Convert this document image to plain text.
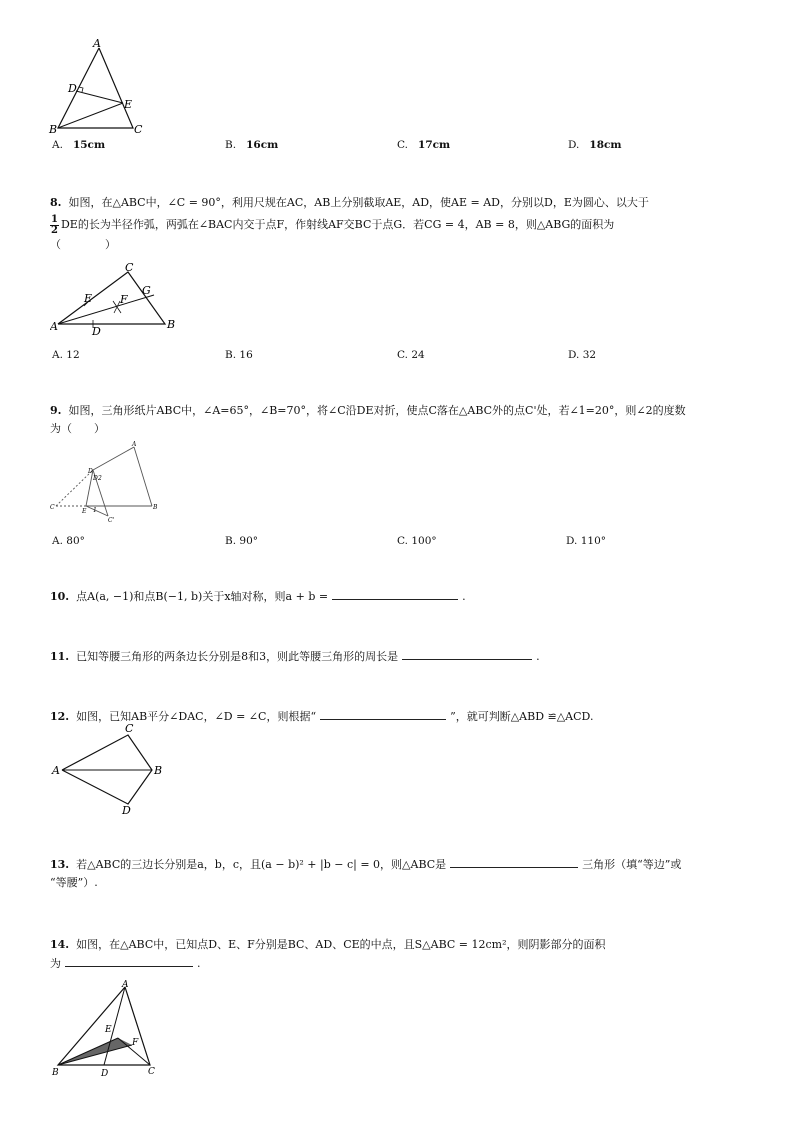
A
B	C
D
E
A. 15cm	B. 16cm	C. 17cm	D. 18cm
8. 如图，在△ABC中，∠C = 90°，利用尺规在AC，AB上分别截取AE，AD，使AE = AD，分别以D，E为圆心、以大于
$\frac{1}{2}$ DE的长为半径作弧，两弧在∠BAC内交于点F，作射线AF交BC于点G．若CG = 4，AB = 8，则△ABG的面积为
（　　　　）
C
A	B
E
D
F
G
A. 12	B. 16	C. 24	D. 32
9. 如图，三角形纸片ABC中，∠A=65°，∠B=70°，将∠C沿DE对折，使点C落在△ABC外的点C'处，若∠1=20°，则∠2的度数
为（　　）
A
B
C
C'
D
E 1
2
D
A. 80°	B. 90°	C. 100°	D. 110°
10. 点A(a, −1)和点B(−1, b)关于x轴对称，则a + b =	.
11. 已知等腰三角形的两条边长分别是8和3，则此等腰三角形的周长是	.
12. 如图，已知AB平分∠DAC，∠D = ∠C，则根据“	”，就可判断△ABD ≌△ACD.
C
A	B
D
13. 若△ABC的三边长分别是a，b，c，且(a − b)² + |b − c| = 0，则△ABC是	三角形（填“等边”或
“等腰”）.
14. 如图，在△ABC中，已知点D、E、F分别是BC、AD、CE的中点，且S△ABC = 12cm²，则阴影部分的面积
为	.
A
B	C
D
E
F
